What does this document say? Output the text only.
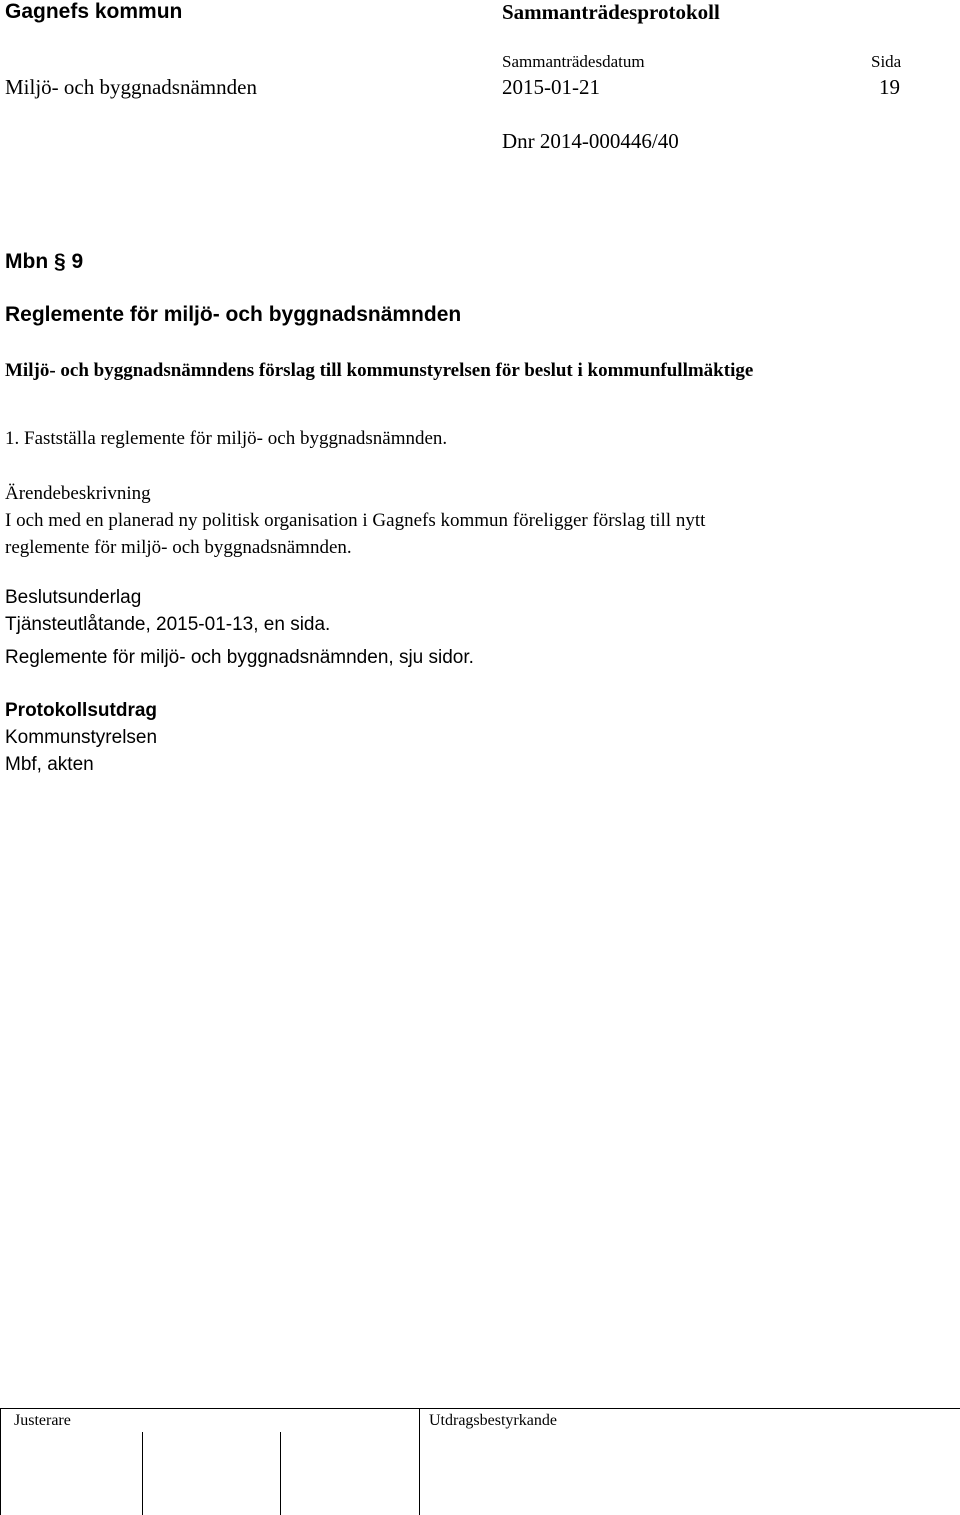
Gagnefs kommun	Sammanträdesprotokoll
Sammanträdesdatum	Sida
Miljö- och byggnadsnämnden	2015-01-21	19
Dnr 2014-000446/40
Mbn § 9
Reglemente för miljö- och byggnadsnämnden
Miljö- och byggnadsnämndens förslag till kommunstyrelsen för beslut i kommunfullmäktige
1. Fastställa reglemente för miljö- och byggnadsnämnden.
Ärendebeskrivning
I och med en planerad ny politisk organisation i Gagnefs kommun föreligger förslag till nytt reglemente för miljö- och byggnadsnämnden.
Beslutsunderlag
Tjänsteutlåtande, 2015-01-13, en sida.
Reglemente för miljö- och byggnadsnämnden, sju sidor.
Protokollsutdrag
Kommunstyrelsen
Mbf, akten
Justerare	Utdragsbestyrkande
